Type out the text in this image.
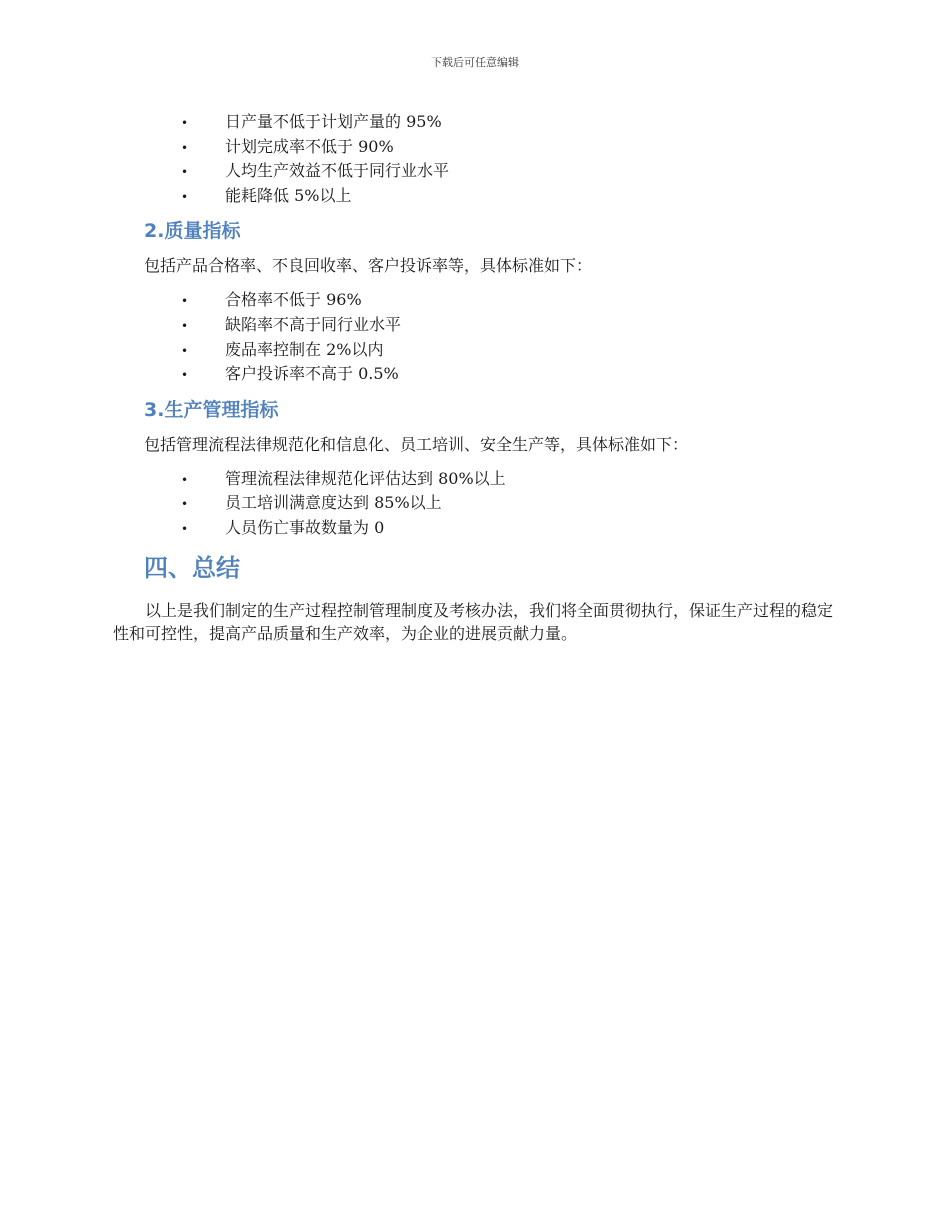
下载后可任意编辑
• 日产量不低于计划产量的 95%
• 计划完成率不低于 90%
• 人均生产效益不低于同行业水平
• 能耗降低 5%以上
2.质量指标

包括产品合格率、不良回收率、客户投诉率等，具体标准如下：

• 合格率不低于 96%
• 缺陷率不高于同行业水平
• 废品率控制在 2%以内
• 客户投诉率不高于 0.5%
3.生产管理指标

包括管理流程法律规范化和信息化、员工培训、安全生产等，具体标准如下：

• 管理流程法律规范化评估达到 80%以上
• 员工培训满意度达到 85%以上
• 人员伤亡事故数量为 0
四、总结

以上是我们制定的生产过程控制管理制度及考核办法，我们将全面贯彻执行，保证生产过程的稳定性和可控性，提高产品质量和生产效率，为企业的进展贡献力量。
